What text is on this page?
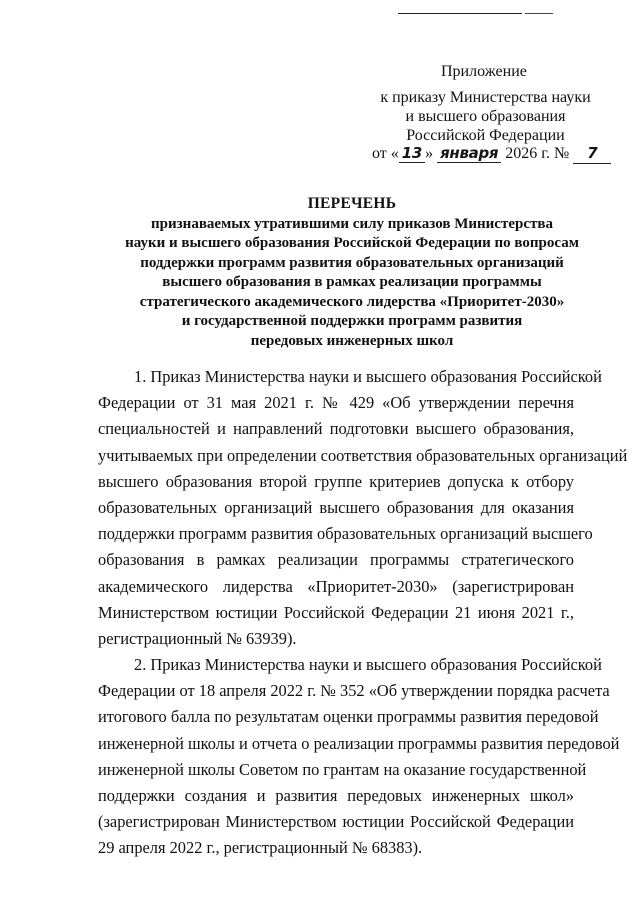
Приложение
к приказу Министерства науки
и высшего образования
Российской Федерации
от « 13 » января 2026 г. № 7
ПЕРЕЧЕНЬ
признаваемых утратившими силу приказов Министерства
науки и высшего образования Российской Федерации по вопросам
поддержки программ развития образовательных организаций
высшего образования в рамках реализации программы
стратегического академического лидерства «Приоритет-2030»
и государственной поддержки программ развития
передовых инженерных школ
1. Приказ Министерства науки и высшего образования Российской
Федерации от 31 мая 2021 г. № 429 «Об утверждении перечня
специальностей и направлений подготовки высшего образования,
учитываемых при определении соответствия образовательных организаций
высшего образования второй группе критериев допуска к отбору
образовательных организаций высшего образования для оказания
поддержки программ развития образовательных организаций высшего
образования в рамках реализации программы стратегического
академического лидерства «Приоритет-2030» (зарегистрирован
Министерством юстиции Российской Федерации 21 июня 2021 г.,
регистрационный № 63939).
2. Приказ Министерства науки и высшего образования Российской
Федерации от 18 апреля 2022 г. № 352 «Об утверждении порядка расчета
итогового балла по результатам оценки программы развития передовой
инженерной школы и отчета о реализации программы развития передовой
инженерной школы Советом по грантам на оказание государственной
поддержки создания и развития передовых инженерных школ»
(зарегистрирован Министерством юстиции Российской Федерации
29 апреля 2022 г., регистрационный № 68383).
